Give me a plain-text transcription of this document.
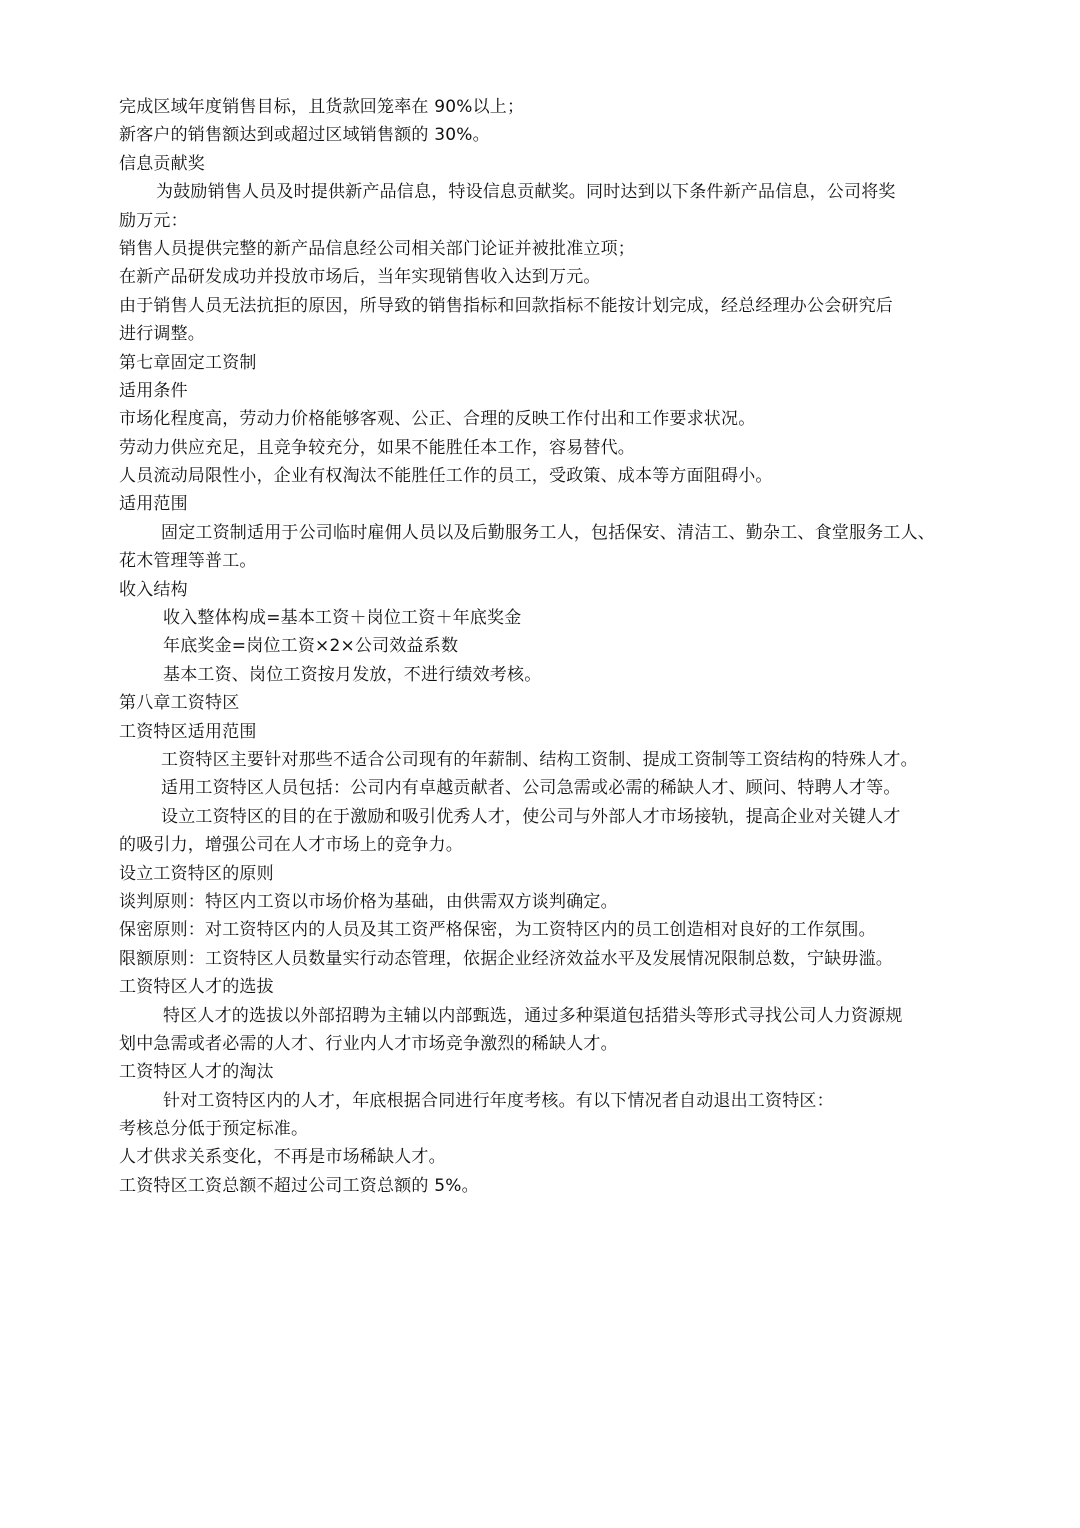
完成区域年度销售目标，且货款回笼率在 90%以上；

新客户的销售额达到或超过区域销售额的 30%。

信息贡献奖

为鼓励销售人员及时提供新产品信息，特设信息贡献奖。同时达到以下条件新产品信息，公司将奖

励万元：

销售人员提供完整的新产品信息经公司相关部门论证并被批准立项；

在新产品研发成功并投放市场后，当年实现销售收入达到万元。

由于销售人员无法抗拒的原因，所导致的销售指标和回款指标不能按计划完成，经总经理办公会研究后

进行调整。

第七章固定工资制

适用条件

市场化程度高，劳动力价格能够客观、公正、合理的反映工作付出和工作要求状况。

劳动力供应充足，且竞争较充分，如果不能胜任本工作，容易替代。

人员流动局限性小，企业有权淘汰不能胜任工作的员工，受政策、成本等方面阻碍小。

适用范围

固定工资制适用于公司临时雇佣人员以及后勤服务工人，包括保安、清洁工、勤杂工、食堂服务工人、

花木管理等普工。

收入结构

收入整体构成=基本工资＋岗位工资＋年底奖金

年底奖金=岗位工资×2×公司效益系数

基本工资、岗位工资按月发放，不进行绩效考核。

第八章工资特区

工资特区适用范围

工资特区主要针对那些不适合公司现有的年薪制、结构工资制、提成工资制等工资结构的特殊人才。

适用工资特区人员包括：公司内有卓越贡献者、公司急需或必需的稀缺人才、顾问、特聘人才等。

设立工资特区的目的在于激励和吸引优秀人才，使公司与外部人才市场接轨，提高企业对关键人才

的吸引力，增强公司在人才市场上的竞争力。

设立工资特区的原则

谈判原则：特区内工资以市场价格为基础，由供需双方谈判确定。

保密原则：对工资特区内的人员及其工资严格保密，为工资特区内的员工创造相对良好的工作氛围。

限额原则：工资特区人员数量实行动态管理，依据企业经济效益水平及发展情况限制总数，宁缺毋滥。

工资特区人才的选拔

特区人才的选拔以外部招聘为主辅以内部甄选，通过多种渠道包括猎头等形式寻找公司人力资源规

划中急需或者必需的人才、行业内人才市场竞争激烈的稀缺人才。

工资特区人才的淘汰

针对工资特区内的人才，年底根据合同进行年度考核。有以下情况者自动退出工资特区：

考核总分低于预定标准。

人才供求关系变化，不再是市场稀缺人才。

工资特区工资总额不超过公司工资总额的 5%。
